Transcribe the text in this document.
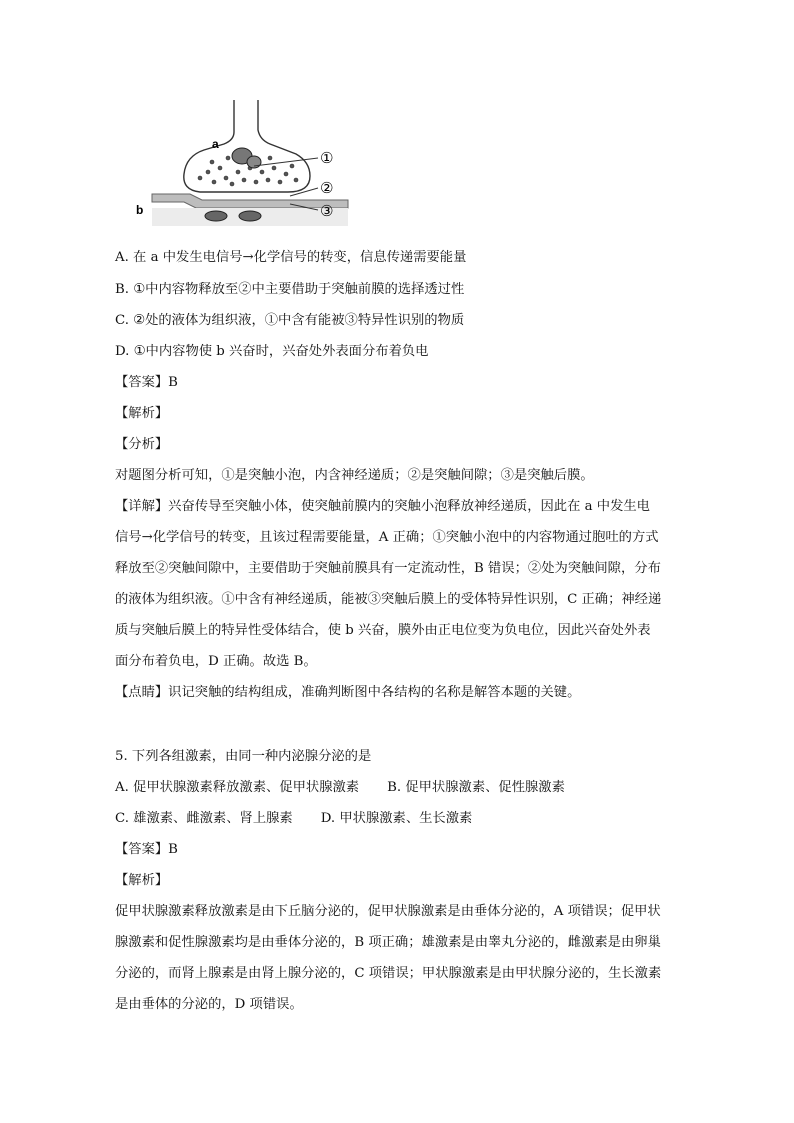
a
b
①
②
③
A. 在 a 中发生电信号→化学信号的转变，信息传递需要能量
B. ①中内容物释放至②中主要借助于突触前膜的选择透过性
C. ②处的液体为组织液，①中含有能被③特异性识别的物质
D. ①中内容物使 b 兴奋时，兴奋处外表面分布着负电
【答案】B
【解析】
【分析】
对题图分析可知，①是突触小泡，内含神经递质；②是突触间隙；③是突触后膜。
【详解】兴奋传导至突触小体，使突触前膜内的突触小泡释放神经递质，因此在 a 中发生电
信号→化学信号的转变，且该过程需要能量，A 正确；①突触小泡中的内容物通过胞吐的方式
释放至②突触间隙中，主要借助于突触前膜具有一定流动性，B 错误；②处为突触间隙，分布
的液体为组织液。①中含有神经递质，能被③突触后膜上的受体特异性识别，C 正确；神经递
质与突触后膜上的特异性受体结合，使 b 兴奋，膜外由正电位变为负电位，因此兴奋处外表
面分布着负电，D 正确。故选 B。
【点睛】识记突触的结构组成，准确判断图中各结构的名称是解答本题的关键。
5. 下列各组激素，由同一种内泌腺分泌的是
A. 促甲状腺激素释放激素、促甲状腺激素 B. 促甲状腺激素、促性腺激素
C. 雄激素、雌激素、肾上腺素 D. 甲状腺激素、生长激素
【答案】B
【解析】
促甲状腺激素释放激素是由下丘脑分泌的，促甲状腺激素是由垂体分泌的，A 项错误；促甲状
腺激素和促性腺激素均是由垂体分泌的，B 项正确；雄激素是由睾丸分泌的，雌激素是由卵巢
分泌的，而肾上腺素是由肾上腺分泌的，C 项错误；甲状腺激素是由甲状腺分泌的，生长激素
是由垂体的分泌的，D 项错误。
